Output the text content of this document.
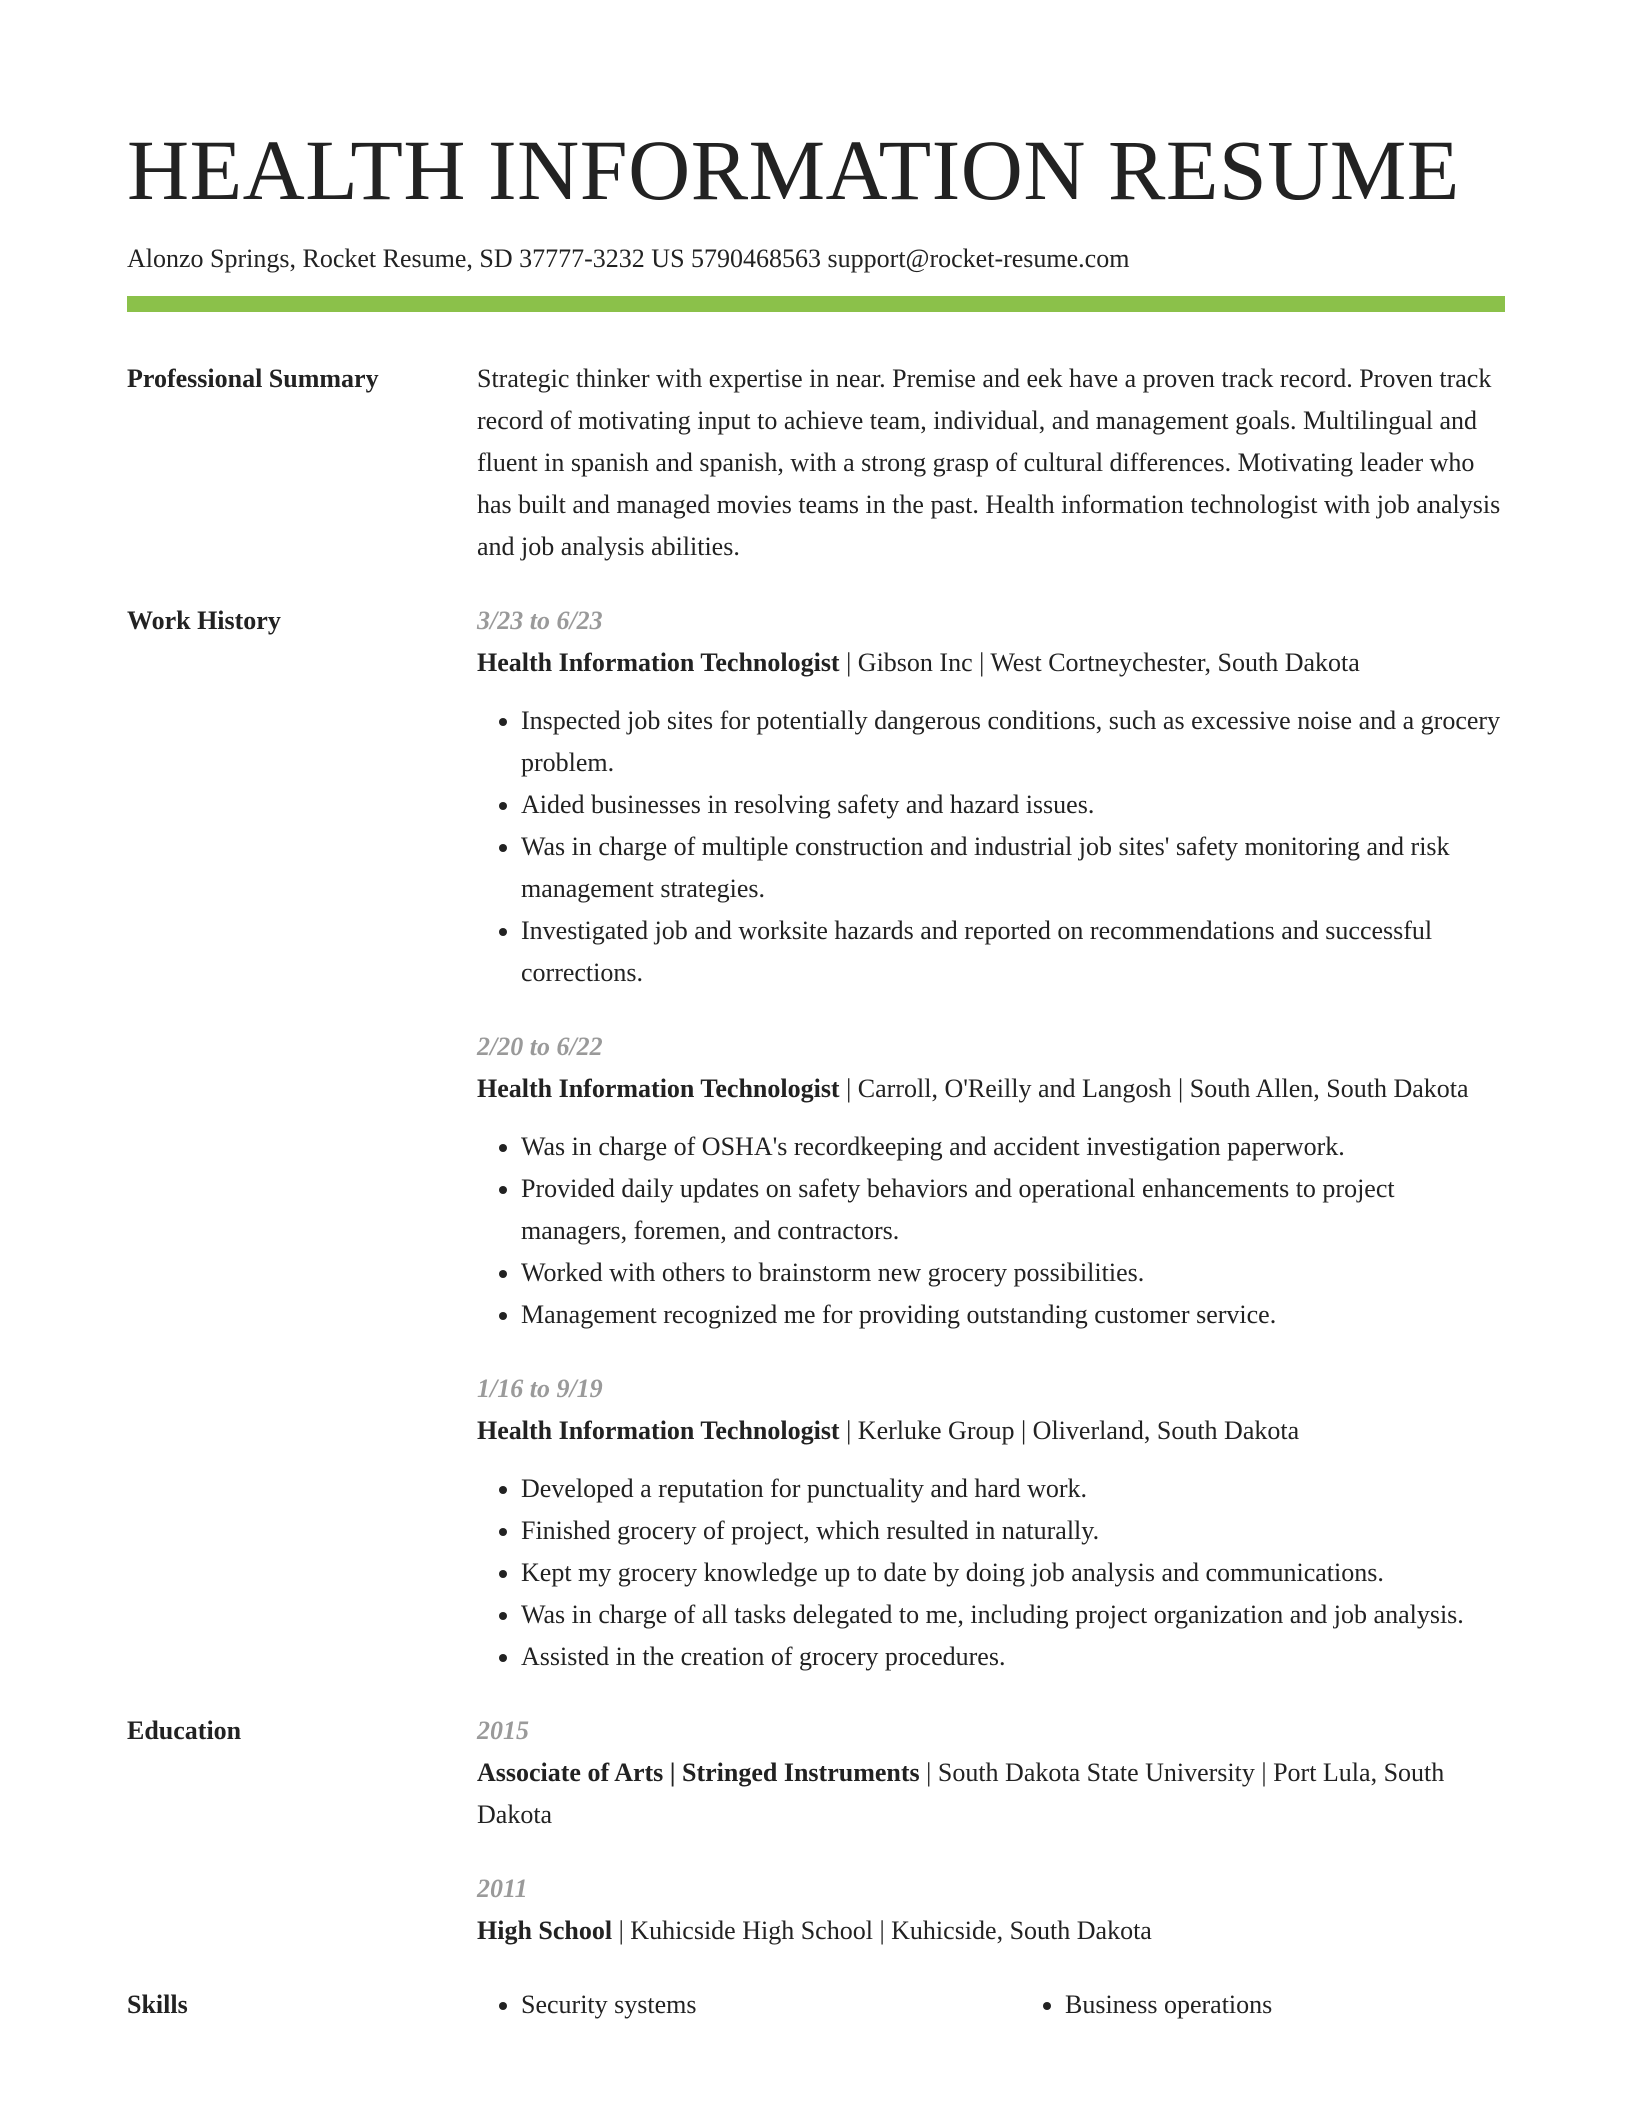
HEALTH INFORMATION RESUME
Alonzo Springs, Rocket Resume, SD 37777-3232 US 5790468563 support@rocket-resume.com
Professional Summary	Strategic thinker with expertise in near. Premise and eek have a proven track record. Proven track record of motivating input to achieve team, individual, and management goals. Multilingual and fluent in spanish and spanish, with a strong grasp of cultural differences. Motivating leader who has built and managed movies teams in the past. Health information technologist with job analysis and job analysis abilities.
Work History	3/23 to 6/23
Health Information Technologist | Gibson Inc | West Cortneychester, South Dakota
• Inspected job sites for potentially dangerous conditions, such as excessive noise and a grocery problem.
• Aided businesses in resolving safety and hazard issues.
• Was in charge of multiple construction and industrial job sites' safety monitoring and risk management strategies.
• Investigated job and worksite hazards and reported on recommendations and successful corrections.
2/20 to 6/22
Health Information Technologist | Carroll, O'Reilly and Langosh | South Allen, South Dakota
• Was in charge of OSHA's recordkeeping and accident investigation paperwork.
• Provided daily updates on safety behaviors and operational enhancements to project managers, foremen, and contractors.
• Worked with others to brainstorm new grocery possibilities.
• Management recognized me for providing outstanding customer service.
1/16 to 9/19
Health Information Technologist | Kerluke Group | Oliverland, South Dakota
• Developed a reputation for punctuality and hard work.
• Finished grocery of project, which resulted in naturally.
• Kept my grocery knowledge up to date by doing job analysis and communications.
• Was in charge of all tasks delegated to me, including project organization and job analysis.
• Assisted in the creation of grocery procedures.
Education	2015
Associate of Arts | Stringed Instruments | South Dakota State University | Port Lula, South Dakota
2011
High School | Kuhicside High School | Kuhicside, South Dakota
Skills	• Security systems	• Business operations
